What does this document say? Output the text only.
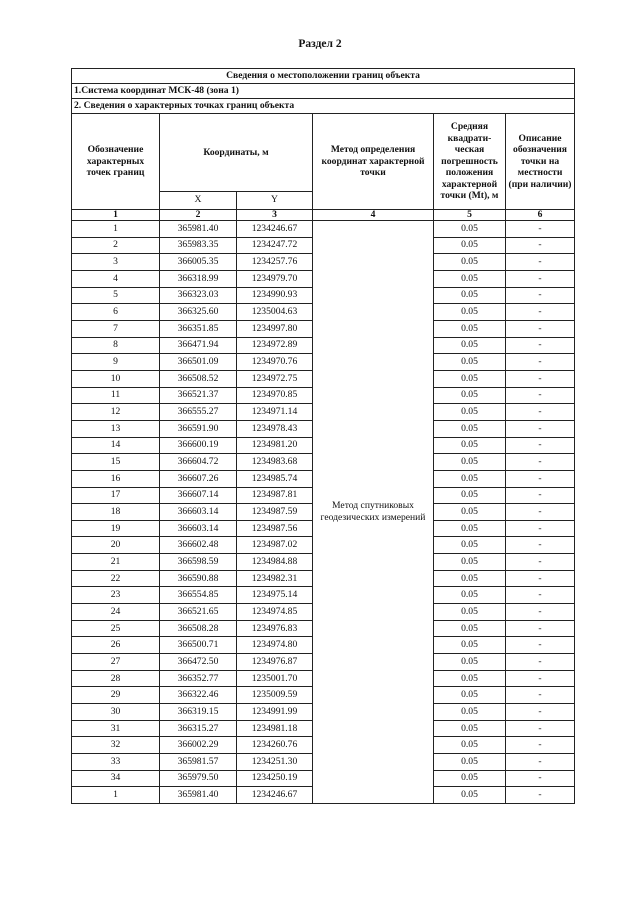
Раздел 2
Сведения о местоположении границ объекта					
1.Система координат МСК-48 (зона 1)					
2. Сведения о характерных точках границ объекта					
Обозначение характерных точек границ	Координаты, м		Метод определения координат характерной точки	Средняя квадрати-ческая погрешность положения характерной точки (Mt), м	Описание обозначения точки на местности (при наличии)
	X	Y			
1	2	3	4	5	6
1	365981.40	1234246.67	Метод спутниковых геодезических измерений	0.05	-
2	365983.35	1234247.72		0.05	-
3	366005.35	1234257.76		0.05	-
4	366318.99	1234979.70		0.05	-
5	366323.03	1234990.93		0.05	-
6	366325.60	1235004.63		0.05	-
7	366351.85	1234997.80		0.05	-
8	366471.94	1234972.89		0.05	-
9	366501.09	1234970.76		0.05	-
10	366508.52	1234972.75		0.05	-
11	366521.37	1234970.85		0.05	-
12	366555.27	1234971.14		0.05	-
13	366591.90	1234978.43		0.05	-
14	366600.19	1234981.20		0.05	-
15	366604.72	1234983.68		0.05	-
16	366607.26	1234985.74		0.05	-
17	366607.14	1234987.81		0.05	-
18	366603.14	1234987.59		0.05	-
19	366603.14	1234987.56		0.05	-
20	366602.48	1234987.02		0.05	-
21	366598.59	1234984.88		0.05	-
22	366590.88	1234982.31		0.05	-
23	366554.85	1234975.14		0.05	-
24	366521.65	1234974.85		0.05	-
25	366508.28	1234976.83		0.05	-
26	366500.71	1234974.80		0.05	-
27	366472.50	1234976.87		0.05	-
28	366352.77	1235001.70		0.05	-
29	366322.46	1235009.59		0.05	-
30	366319.15	1234991.99		0.05	-
31	366315.27	1234981.18		0.05	-
32	366002.29	1234260.76		0.05	-
33	365981.57	1234251.30		0.05	-
34	365979.50	1234250.19		0.05	-
1	365981.40	1234246.67		0.05	-
